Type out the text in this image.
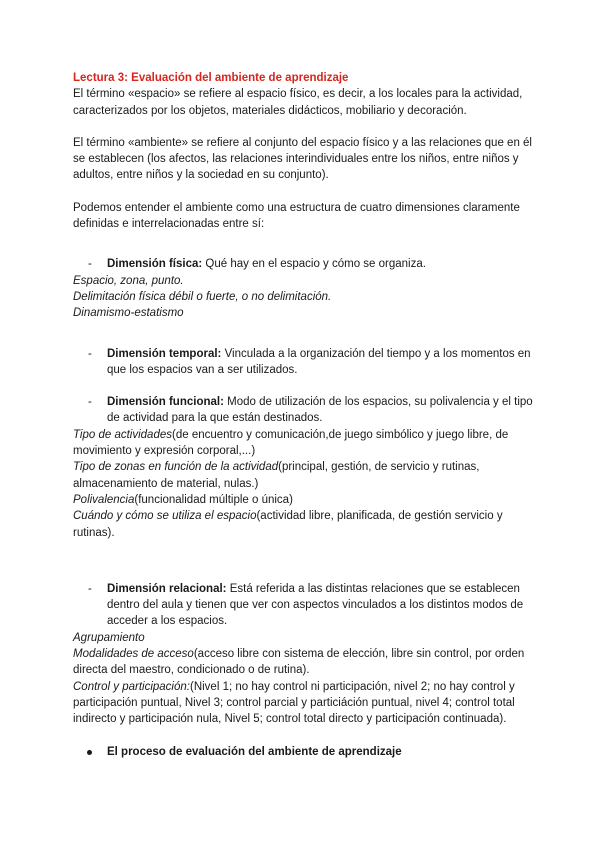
Lectura 3: Evaluación del ambiente de aprendizaje

El término «espacio» se refiere al espacio físico, es decir, a los locales para la actividad, caracterizados por los objetos, materiales didácticos, mobiliario y decoración.

El término «ambiente» se refiere al conjunto del espacio físico y a las relaciones que en él se establecen (los afectos, las relaciones interindividuales entre los niños, entre niños y adultos, entre niños y la sociedad en su conjunto).

Podemos entender el ambiente como una estructura de cuatro dimensiones claramente definidas e interrelacionadas entre sí:

- Dimensión física: Qué hay en el espacio y cómo se organiza.

Espacio, zona, punto.

Delimitación física débil o fuerte, o no delimitación.

Dinamismo-estatismo

- Dimensión temporal: Vinculada a la organización del tiempo y a los momentos en que los espacios van a ser utilizados.
- Dimensión funcional: Modo de utilización de los espacios, su polivalencia y el tipo de actividad para la que están destinados.

Tipo de actividades(de encuentro y comunicación,de juego simbólico y juego libre, de movimiento y expresión corporal,...)

Tipo de zonas en función de la actividad(principal, gestión, de servicio y rutinas, almacenamiento de material, nulas.)

Polivalencia(funcionalidad múltiple o única)

Cuándo y cómo se utiliza el espacio(actividad libre, planificada, de gestión servicio y rutinas).

- Dimensión relacional: Está referida a las distintas relaciones que se establecen dentro del aula y tienen que ver con aspectos vinculados a los distintos modos de acceder a los espacios.

Agrupamiento

Modalidades de acceso(acceso libre con sistema de elección, libre sin control, por orden directa del maestro, condicionado o de rutina).

Control y participación:(Nivel 1; no hay control ni participación, nivel 2; no hay control y participación puntual, Nivel 3; control parcial y particiáción puntual, nivel 4; control total indirecto y participación nula, Nivel 5; control total directo y participación continuada).

El proceso de evaluación del ambiente de aprendizaje
